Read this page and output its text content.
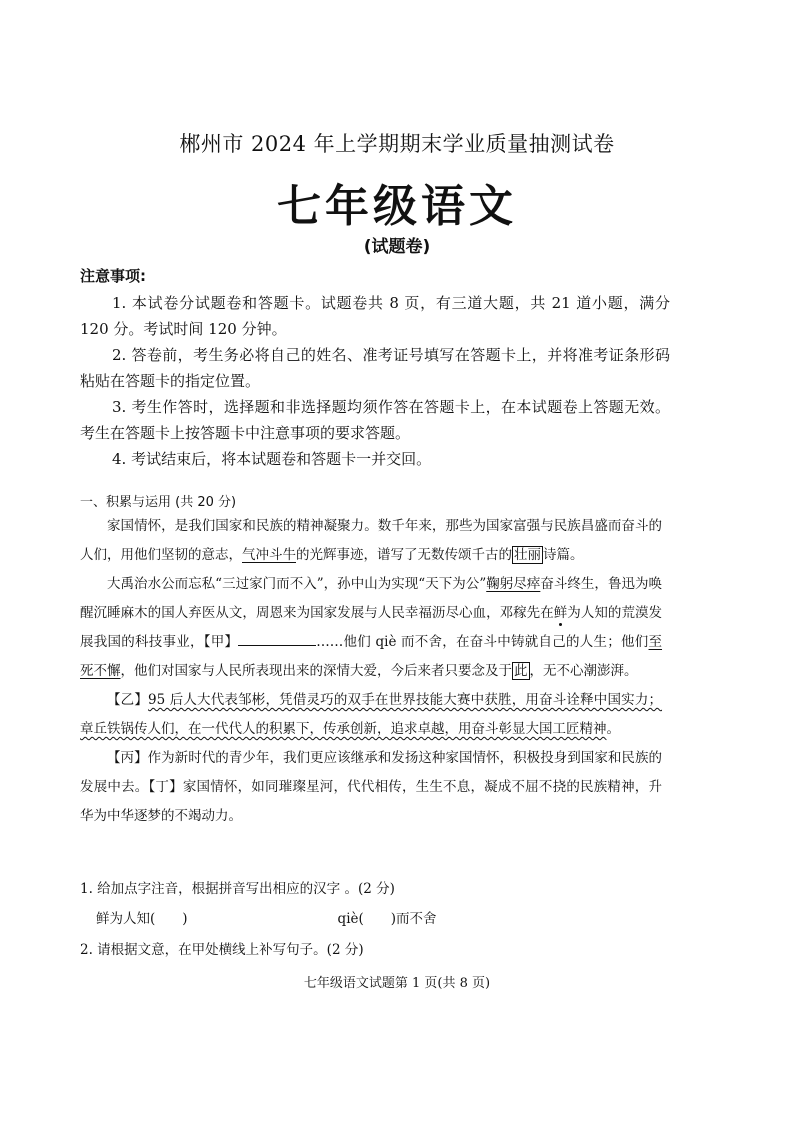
郴州市 2024 年上学期期末学业质量抽测试卷
七年级语文
(试题卷)
注意事项:

1. 本试卷分试题卷和答题卡。试题卷共 8 页，有三道大题，共 21 道小题，满分 120 分。考试时间 120 分钟。

2. 答卷前，考生务必将自己的姓名、准考证号填写在答题卡上，并将准考证条形码粘贴在答题卡的指定位置。

3. 考生作答时，选择题和非选择题均须作答在答题卡上，在本试题卷上答题无效。考生在答题卡上按答题卡中注意事项的要求答题。

4. 考试结束后，将本试题卷和答题卡一并交回。

一、积累与运用 (共 20 分)

家国情怀，是我们国家和民族的精神凝聚力。数千年来，那些为国家富强与民族昌盛而奋斗的人们，用他们坚韧的意志，气冲斗牛的光辉事迹，谱写了无数传颂千古的 壮丽 诗篇。

大禹治水公而忘私“三过家门而不入”，孙中山为实现“天下为公”鞠躬尽瘁奋斗终生，鲁迅为唤醒沉睡麻木的国人弃医从文，周恩来为国家发展与人民幸福沥尽心血，邓稼先在鲜为人知的荒漠发展我国的科技事业，【甲】	……他们 qiè 而不舍，在奋斗中铸就自己的人生；他们至死不懈，他们对国家与人民所表现出来的深情大爱，今后来者只要念及于 此 ，无不心潮澎湃。

【乙】95 后人大代表邹彬，凭借灵巧的双手在世界技能大赛中获胜，用奋斗诠释中国实力；章丘铁锅传人们，在一代代人的积累下，传承创新，追求卓越，用奋斗彰显大国工匠精神。

【丙】作为新时代的青少年，我们更应该继承和发扬这种家国情怀，积极投身到国家和民族的发展中去。【丁】家国情怀，如同璀璨星河，代代相传，生生不息，凝成不屈不挠的民族精神，升华为中华逐梦的不竭动力。

1. 给加点字注音，根据拼音写出相应的汉字 。(2 分)
鲜为人知(　　)	qiè(　　)而不舍
2. 请根据文意，在甲处横线上补写句子。(2 分)
七年级语文试题第 1 页(共 8 页)
